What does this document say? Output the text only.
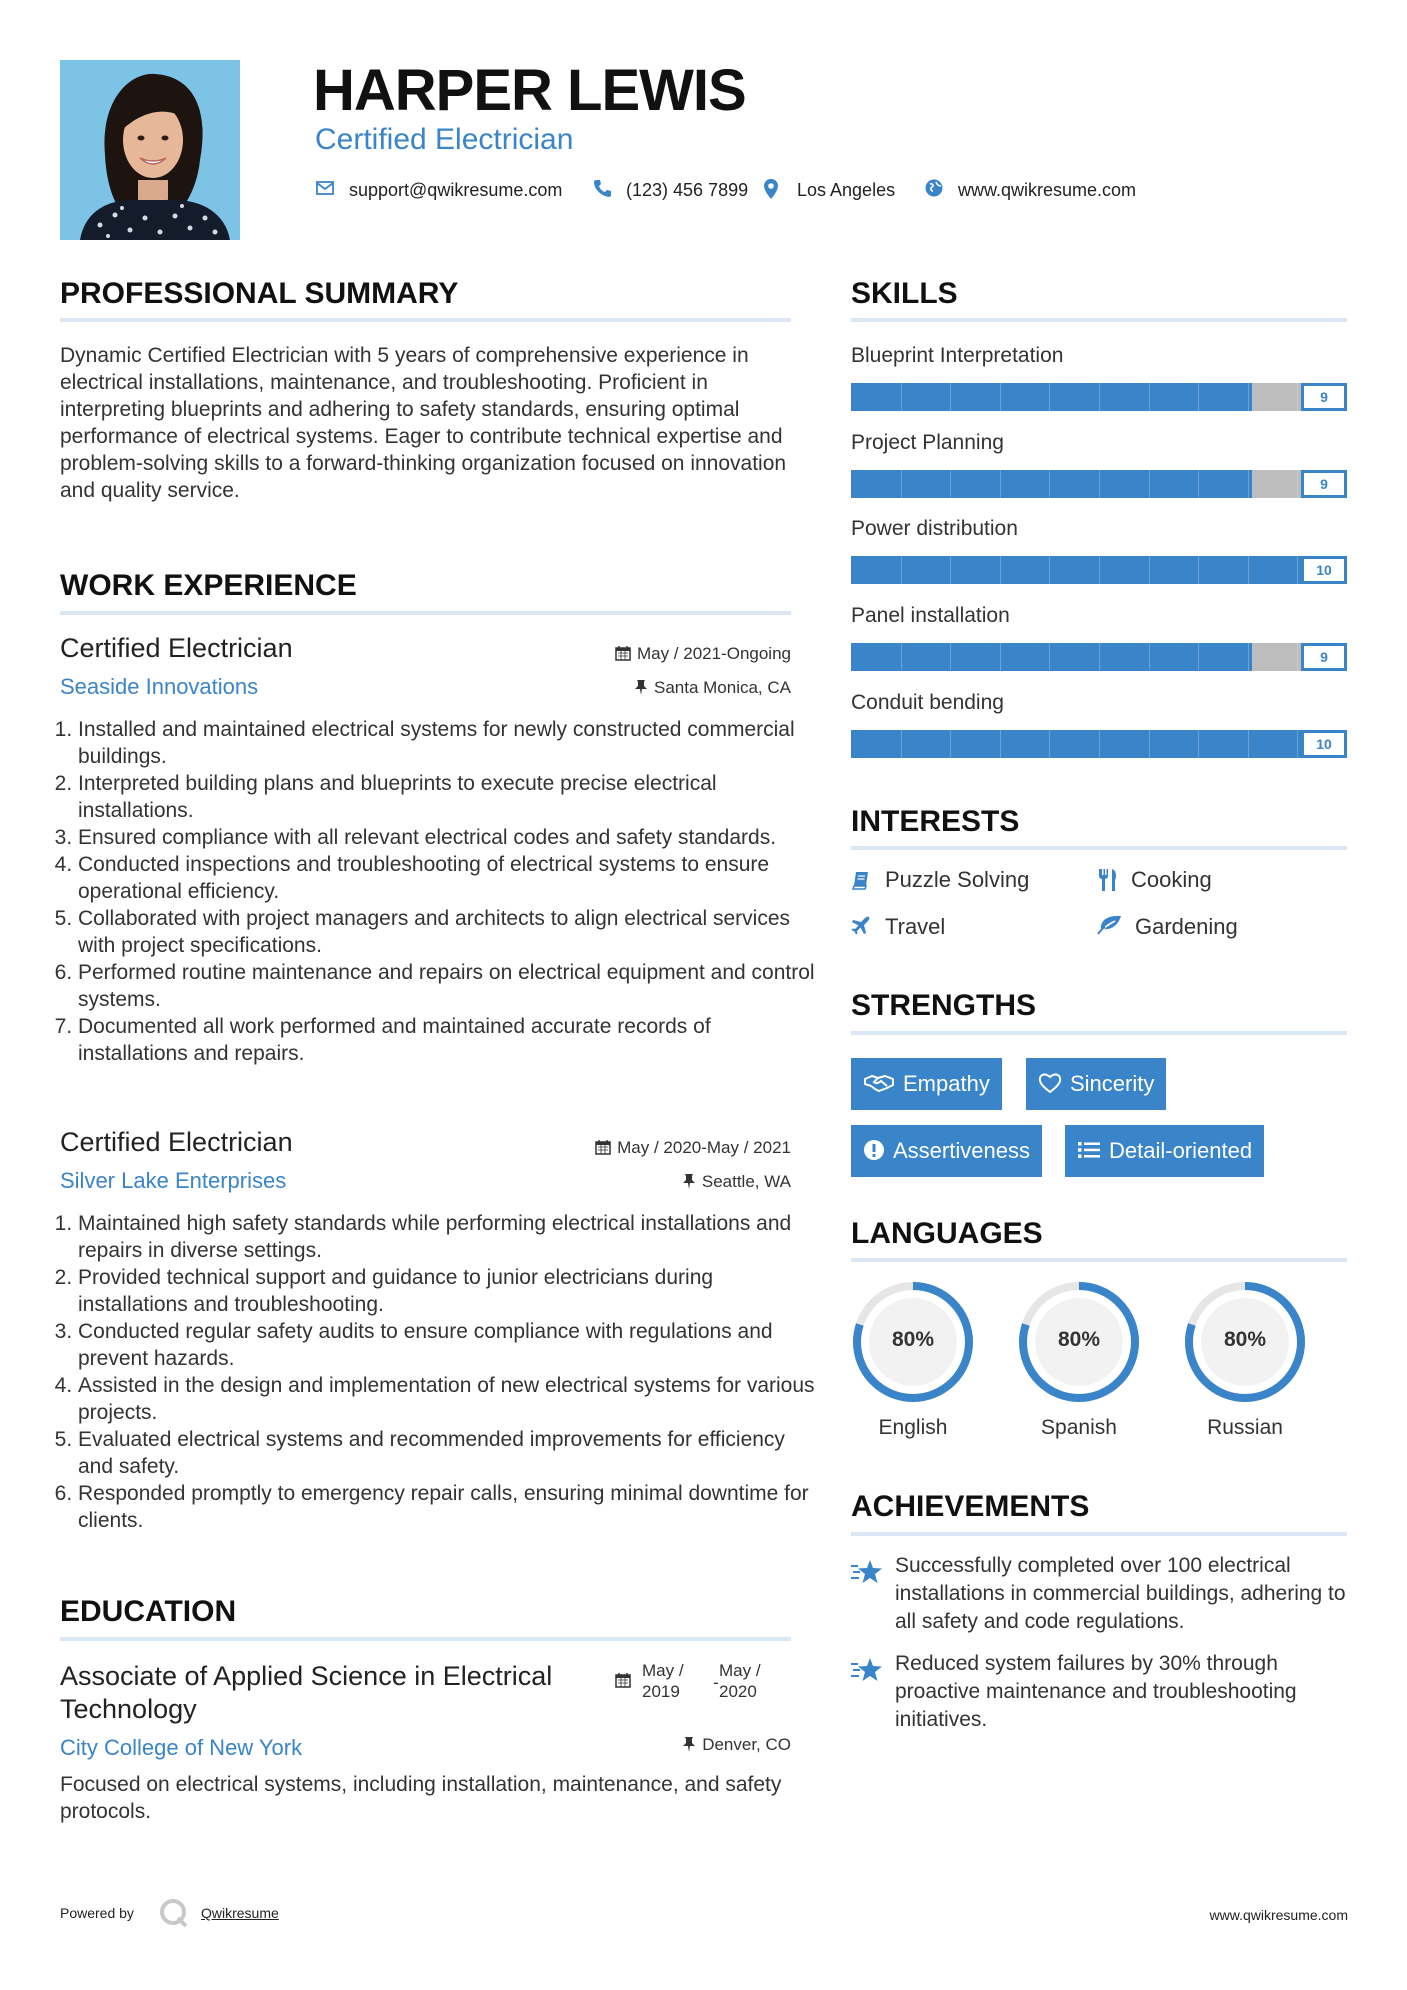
HARPER LEWIS
Certified Electrician
support@qwikresume.com	(123) 456 7899	Los Angeles	www.qwikresume.com
PROFESSIONAL SUMMARY
Dynamic Certified Electrician with 5 years of comprehensive experience in electrical installations, maintenance, and troubleshooting. Proficient in interpreting blueprints and adhering to safety standards, ensuring optimal performance of electrical systems. Eager to contribute technical expertise and problem-solving skills to a forward-thinking organization focused on innovation and quality service.
WORK EXPERIENCE
Certified Electrician	May / 2021-Ongoing
Seaside Innovations	Santa Monica, CA
1. Installed and maintained electrical systems for newly constructed commercial buildings.
2. Interpreted building plans and blueprints to execute precise electrical installations.
3. Ensured compliance with all relevant electrical codes and safety standards.
4. Conducted inspections and troubleshooting of electrical systems to ensure operational efficiency.
5. Collaborated with project managers and architects to align electrical services with project specifications.
6. Performed routine maintenance and repairs on electrical equipment and control systems.
7. Documented all work performed and maintained accurate records of installations and repairs.
Certified Electrician	May / 2020-May / 2021
Silver Lake Enterprises	Seattle, WA
1. Maintained high safety standards while performing electrical installations and repairs in diverse settings.
2. Provided technical support and guidance to junior electricians during installations and troubleshooting.
3. Conducted regular safety audits to ensure compliance with regulations and prevent hazards.
4. Assisted in the design and implementation of new electrical systems for various projects.
5. Evaluated electrical systems and recommended improvements for efficiency and safety.
6. Responded promptly to emergency repair calls, ensuring minimal downtime for clients.
EDUCATION
Associate of Applied Science in Electrical Technology
May /
2019 -
May /
2020
City College of New York	Denver, CO
Focused on electrical systems, including installation, maintenance, and safety protocols.
SKILLS
Blueprint Interpretation
9
Project Planning
9
Power distribution
10
Panel installation
9
Conduit bending
10
INTERESTS
Puzzle Solving	Cooking
Travel	Gardening
STRENGTHS
Empathy	Sincerity
Assertiveness	Detail-oriented
LANGUAGES
80%
English
80%
Spanish
80%
Russian
ACHIEVEMENTS
Successfully completed over 100 electrical installations in commercial buildings, adhering to all safety and code regulations.
Reduced system failures by 30% through proactive maintenance and troubleshooting initiatives.
Powered by	Qwikresume	www.qwikresume.com
